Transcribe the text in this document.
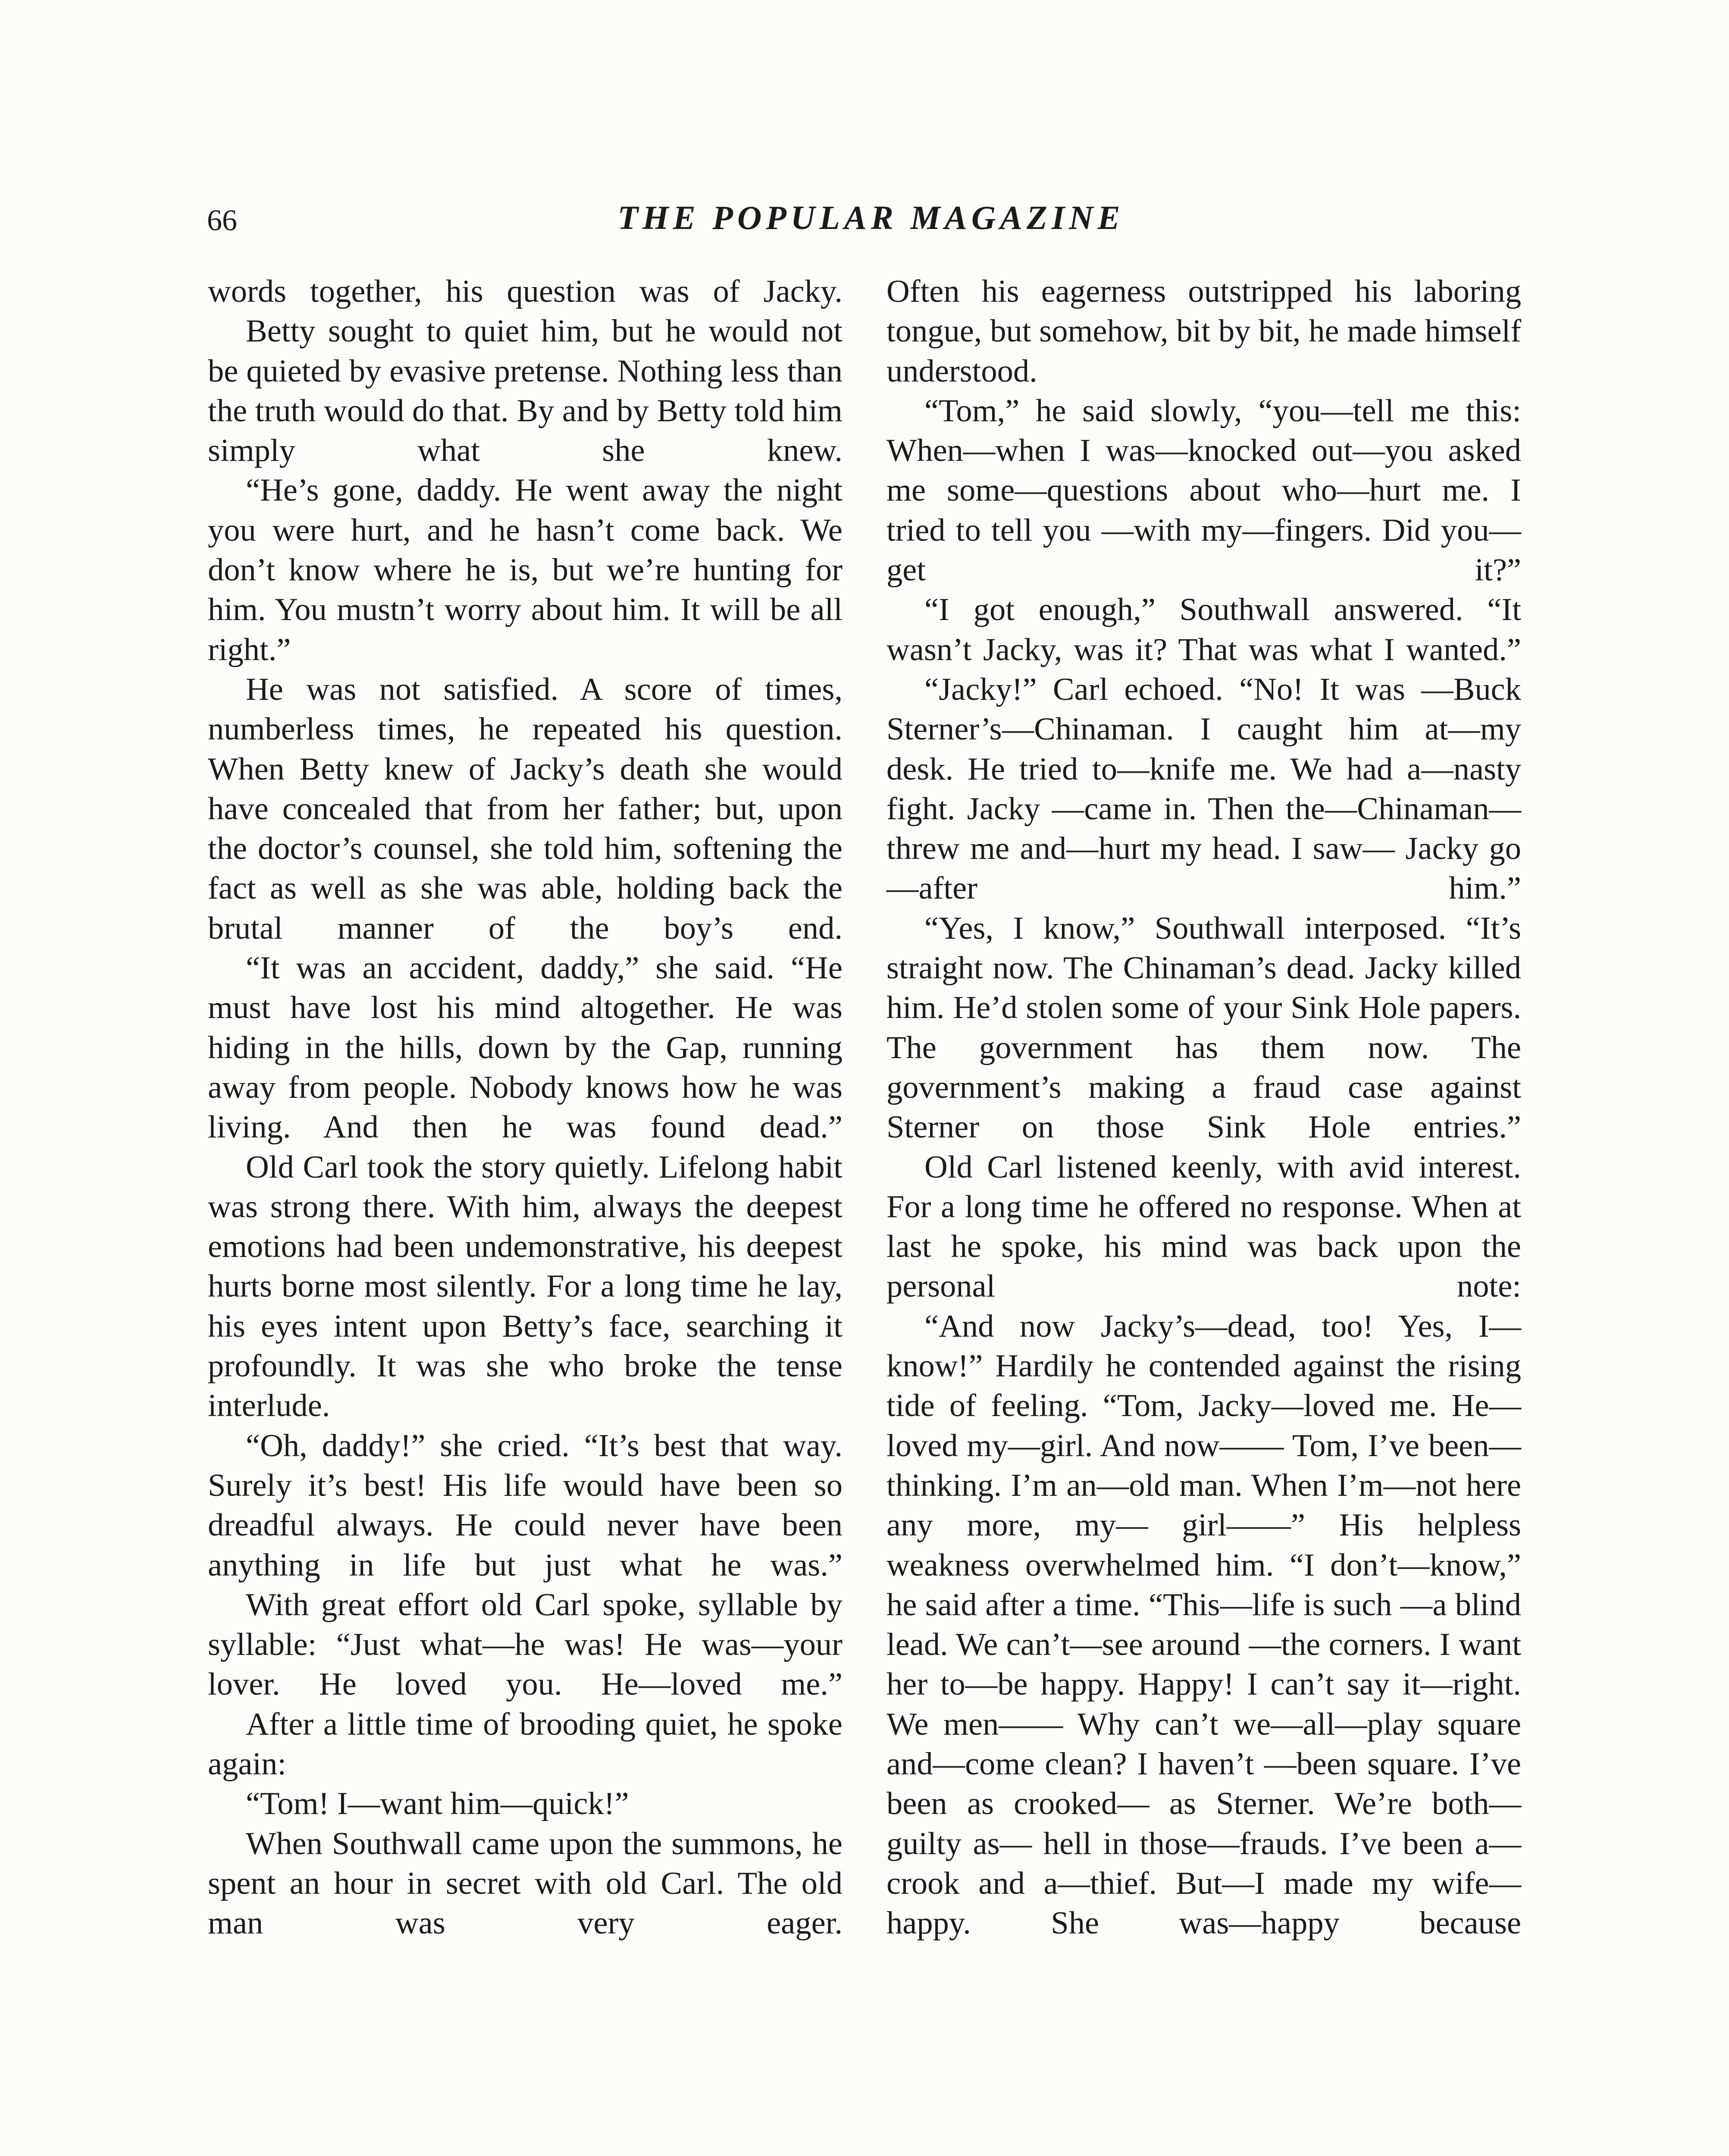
66	THE POPULAR MAGAZINE

words together, his question was of Jacky.

Betty sought to quiet him, but he would not be quieted by evasive pretense. Nothing less than the truth would do that. By and by Betty told him simply what she knew.

“He’s gone, daddy. He went away the night you were hurt, and he hasn’t come back. We don’t know where he is, but we’re hunting for him. You mustn’t worry about him. It will be all right.”

He was not satisfied. A score of times, numberless times, he repeated his question. When Betty knew of Jacky’s death she would have concealed that from her father; but, upon the doctor’s counsel, she told him, softening the fact as well as she was able, holding back the brutal manner of the boy’s end.

“It was an accident, daddy,” she said. “He must have lost his mind altogether. He was hiding in the hills, down by the Gap, running away from people. Nobody knows how he was living. And then he was found dead.”

Old Carl took the story quietly. Lifelong habit was strong there. With him, always the deepest emotions had been undemonstrative, his deepest hurts borne most silently. For a long time he lay, his eyes intent upon Betty’s face, searching it profoundly. It was she who broke the tense interlude.

“Oh, daddy!” she cried. “It’s best that way. Surely it’s best! His life would have been so dreadful always. He could never have been anything in life but just what he was.”

With great effort old Carl spoke, syllable by syllable: “Just what—he was! He was—your lover. He loved you. He—loved me.”

After a little time of brooding quiet, he spoke again:

“Tom! I—want him—quick!”

When Southwall came upon the summons, he spent an hour in secret with old Carl. The old man was very eager.

Often his eagerness outstripped his laboring tongue, but somehow, bit by bit, he made himself understood.

“Tom,” he said slowly, “you—tell me this: When—when I was—knocked out—you asked me some—questions about who—hurt me. I tried to tell you —with my—fingers. Did you—get it?”

“I got enough,” Southwall answered. “It wasn’t Jacky, was it? That was what I wanted.”

“Jacky!” Carl echoed. “No! It was —Buck Sterner’s—Chinaman. I caught him at—my desk. He tried to—knife me. We had a—nasty fight. Jacky —came in. Then the—Chinaman— threw me and—hurt my head. I saw— Jacky go—after him.”

“Yes, I know,” Southwall interposed. “It’s straight now. The Chinaman’s dead. Jacky killed him. He’d stolen some of your Sink Hole papers. The government has them now. The government’s making a fraud case against Sterner on those Sink Hole entries.”

Old Carl listened keenly, with avid interest. For a long time he offered no response. When at last he spoke, his mind was back upon the personal note:

“And now Jacky’s—dead, too! Yes, I—know!” Hardily he contended against the rising tide of feeling. “Tom, Jacky—loved me. He—loved my—girl. And now—— Tom, I’ve been—thinking. I’m an—old man. When I’m—not here any more, my— girl——” His helpless weakness overwhelmed him. “I don’t—know,” he said after a time. “This—life is such —a blind lead. We can’t—see around —the corners. I want her to—be happy. Happy! I can’t say it—right. We men—— Why can’t we—all—play square and—come clean? I haven’t —been square. I’ve been as crooked— as Sterner. We’re both—guilty as— hell in those—frauds. I’ve been a— crook and a—thief. But—I made my wife—happy. She was—happy because
